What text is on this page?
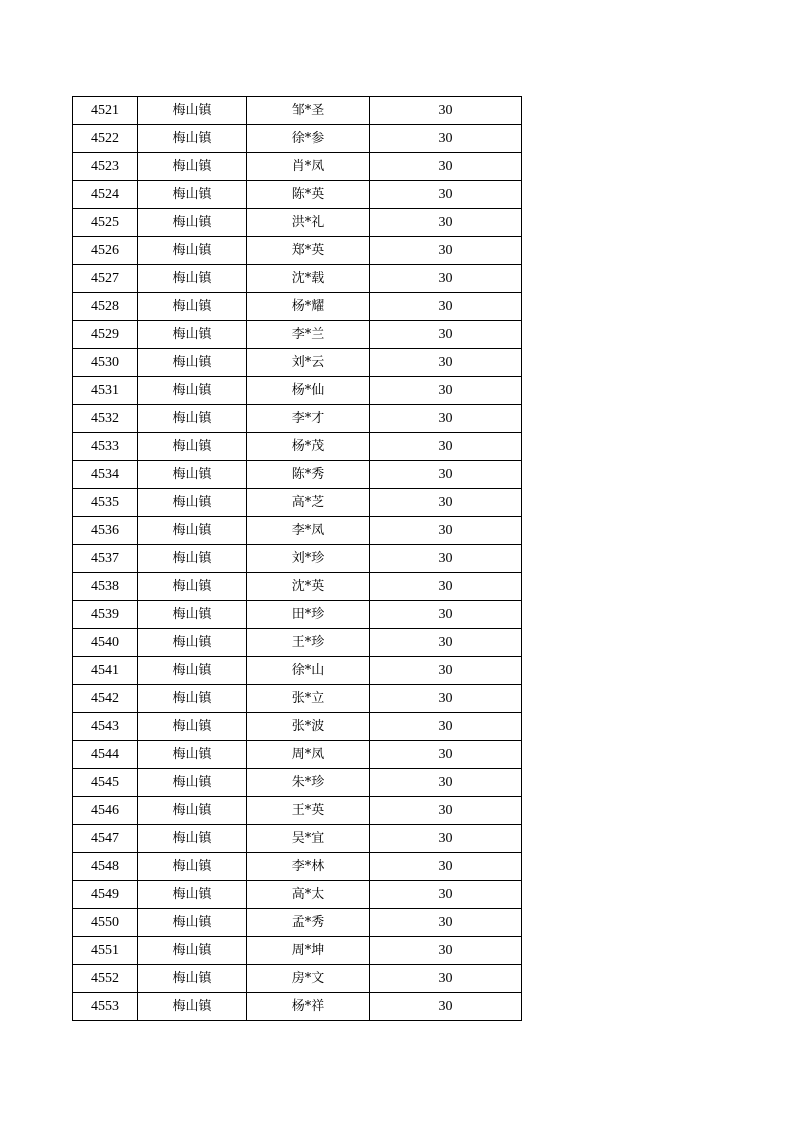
4521	梅山镇	邹*圣	30
4522	梅山镇	徐*参	30
4523	梅山镇	肖*凤	30
4524	梅山镇	陈*英	30
4525	梅山镇	洪*礼	30
4526	梅山镇	郑*英	30
4527	梅山镇	沈*载	30
4528	梅山镇	杨*耀	30
4529	梅山镇	李*兰	30
4530	梅山镇	刘*云	30
4531	梅山镇	杨*仙	30
4532	梅山镇	李*才	30
4533	梅山镇	杨*茂	30
4534	梅山镇	陈*秀	30
4535	梅山镇	高*芝	30
4536	梅山镇	李*凤	30
4537	梅山镇	刘*珍	30
4538	梅山镇	沈*英	30
4539	梅山镇	田*珍	30
4540	梅山镇	王*珍	30
4541	梅山镇	徐*山	30
4542	梅山镇	张*立	30
4543	梅山镇	张*波	30
4544	梅山镇	周*凤	30
4545	梅山镇	朱*珍	30
4546	梅山镇	王*英	30
4547	梅山镇	吴*宜	30
4548	梅山镇	李*林	30
4549	梅山镇	高*太	30
4550	梅山镇	孟*秀	30
4551	梅山镇	周*坤	30
4552	梅山镇	房*文	30
4553	梅山镇	杨*祥	30
